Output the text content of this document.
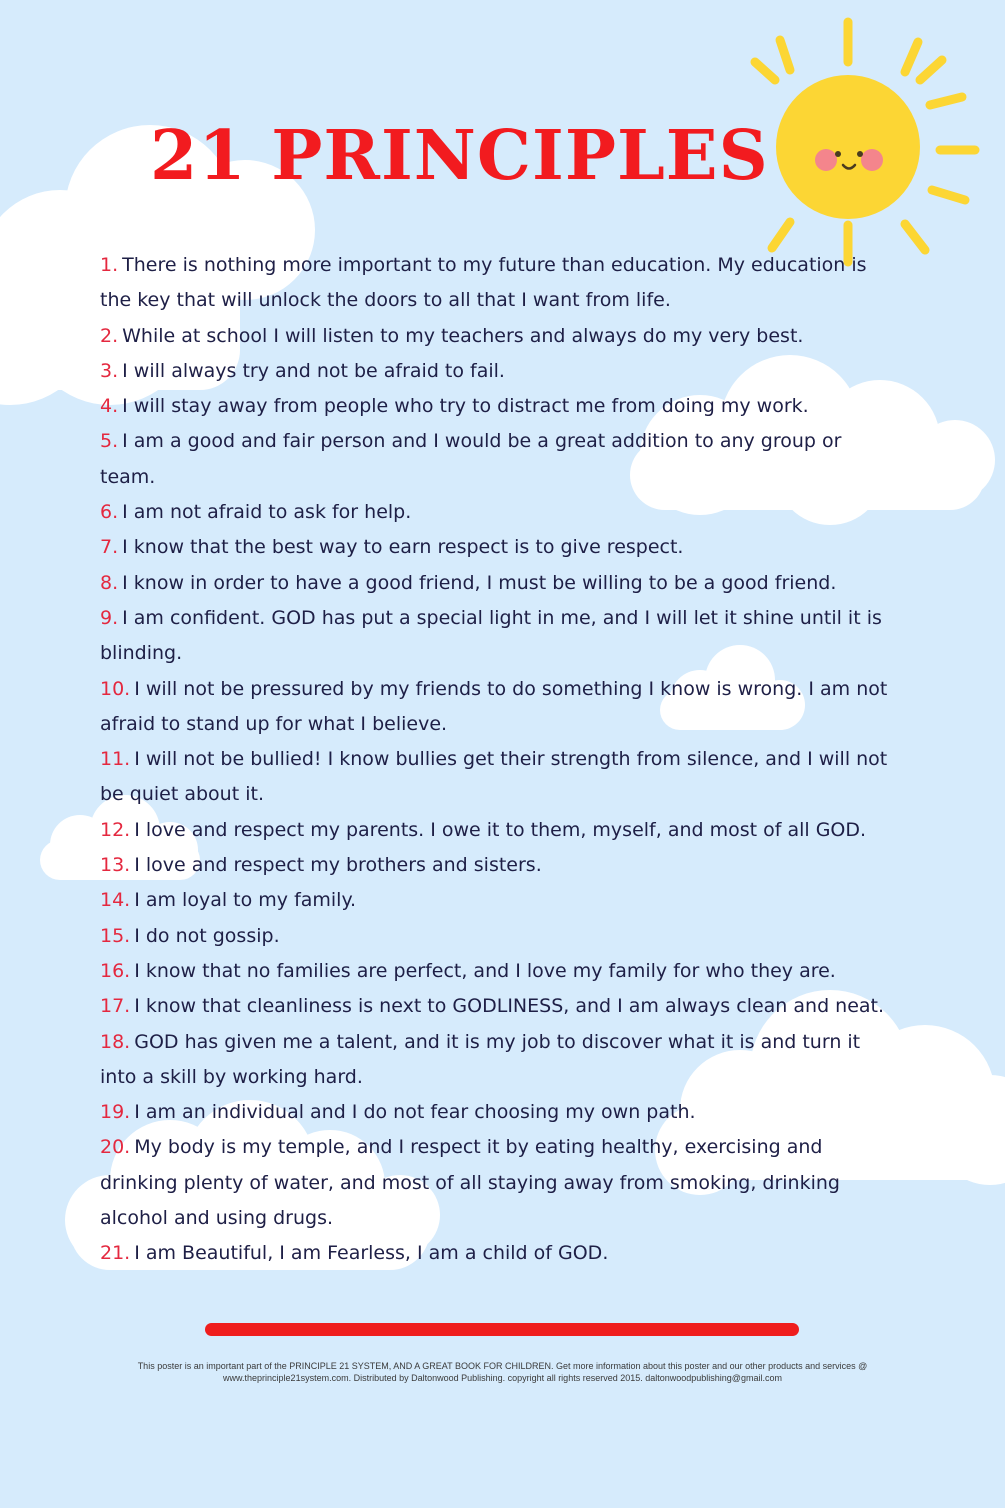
21 PRINCIPLES
1. There is nothing more important to my future than education. My education is the key that will unlock the doors to all that I want from life.
2. While at school I will listen to my teachers and always do my very best.
3. I will always try and not be afraid to fail.
4. I will stay away from people who try to distract me from doing my work.
5. I am a good and fair person and I would be a great addition to any group or team.
6. I am not afraid to ask for help.
7. I know that the best way to earn respect is to give respect.
8. I know in order to have a good friend, I must be willing to be a good friend.
9. I am confident. GOD has put a special light in me, and I will let it shine until it is blinding.
10. I will not be pressured by my friends to do something I know is wrong. I am not afraid to stand up for what I believe.
11. I will not be bullied! I know bullies get their strength from silence, and I will not be quiet about it.
12. I love and respect my parents. I owe it to them, myself, and most of all GOD.
13. I love and respect my brothers and sisters.
14. I am loyal to my family.
15. I do not gossip.
16. I know that no families are perfect, and I love my family for who they are.
17. I know that cleanliness is next to GODLINESS, and I am always clean and neat.
18. GOD has given me a talent, and it is my job to discover what it is and turn it into a skill by working hard.
19. I am an individual and I do not fear choosing my own path.
20. My body is my temple, and I respect it by eating healthy, exercising and drinking plenty of water, and most of all staying away from smoking, drinking alcohol and using drugs.
21. I am Beautiful, I am Fearless, I am a child of GOD.

This poster is an important part of the PRINCIPLE 21 SYSTEM, AND A GREAT BOOK FOR CHILDREN. Get more information about this poster and our other products and services @ www.theprinciple21system.com. Distributed by Daltonwood Publishing. copyright all rights reserved 2015. daltonwoodpublishing@gmail.com
